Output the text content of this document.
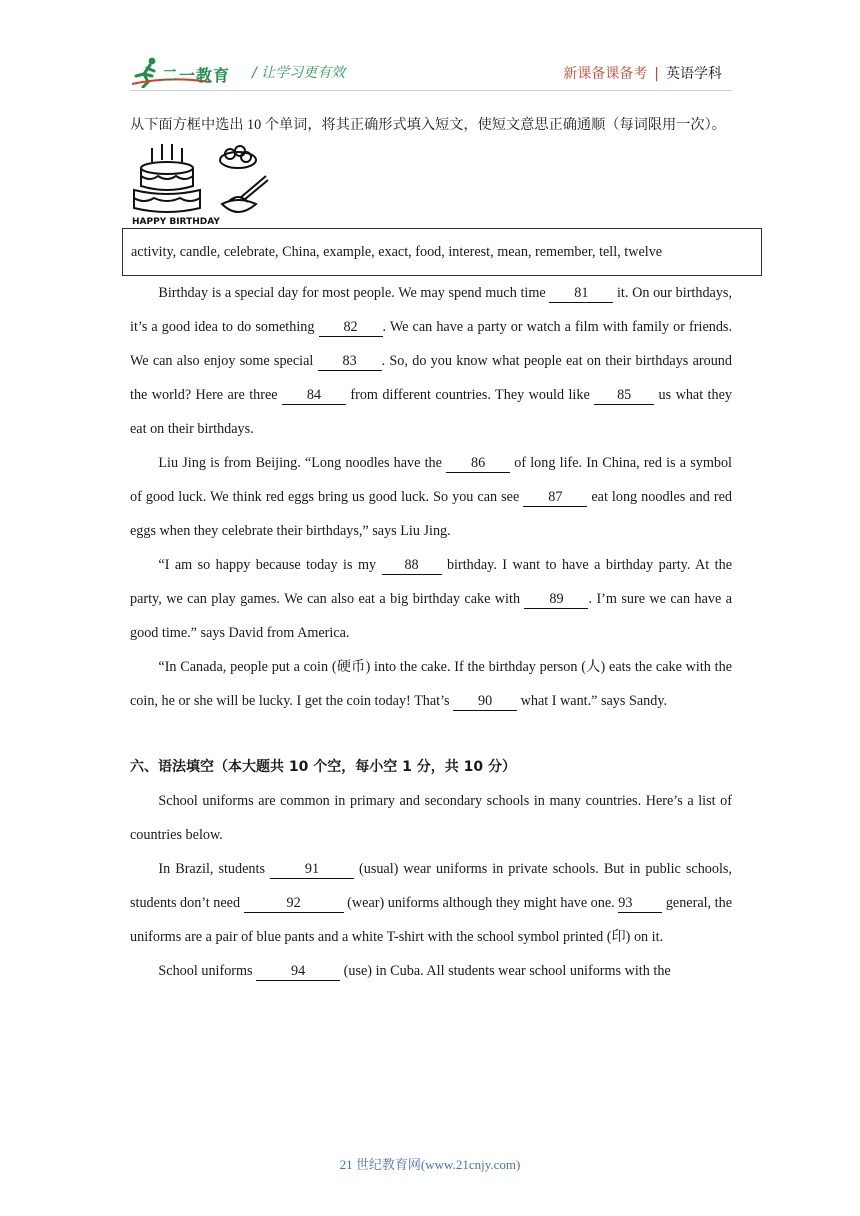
二一教育 / 让学习更有效	新课备课备考 | 英语学科

从下面方框中选出 10 个单词，将其正确形式填入短文，使短文意思正确通顺（每词限用一次）。

HAPPY BIRTHDAY
activity, candle, celebrate, China, example, exact, food, interest, mean, remember, tell, twelve

Birthday is a special day for most people. We may spend much time 81 it. On our birthdays, it’s a good idea to do something 82 . We can have a party or watch a film with family or friends. We can also enjoy some special 83 . So, do you know what people eat on their birthdays around the world? Here are three 84 from different countries. They would like 85 us what they eat on their birthdays.

Liu Jing is from Beijing. “Long noodles have the 86 of long life. In China, red is a symbol of good luck. We think red eggs bring us good luck. So you can see 87 eat long noodles and red eggs when they celebrate their birthdays,” says Liu Jing.

“I am so happy because today is my 88 birthday. I want to have a birthday party. At the party, we can play games. We can also eat a big birthday cake with 89 . I’m sure we can have a good time.” says David from America.

“In Canada, people put a coin (硬币) into the cake. If the birthday person (人) eats the cake with the coin, he or she will be lucky. I get the coin today! That’s 90 what I want.” says Sandy.

六、语法填空（本大题共 10 个空，每小空 1 分，共 10 分）

School uniforms are common in primary and secondary schools in many countries. Here’s a list of countries below.

In Brazil, students 91 (usual) wear uniforms in private schools. But in public schools, students don’t need	92	(wear) uniforms although they might have one. 93 general, the uniforms are a pair of blue pants and a white T-shirt with the school symbol printed (印) on it.

School uniforms 94 (use) in Cuba. All students wear school uniforms with the

21 世纪教育网(www.21cnjy.com)
